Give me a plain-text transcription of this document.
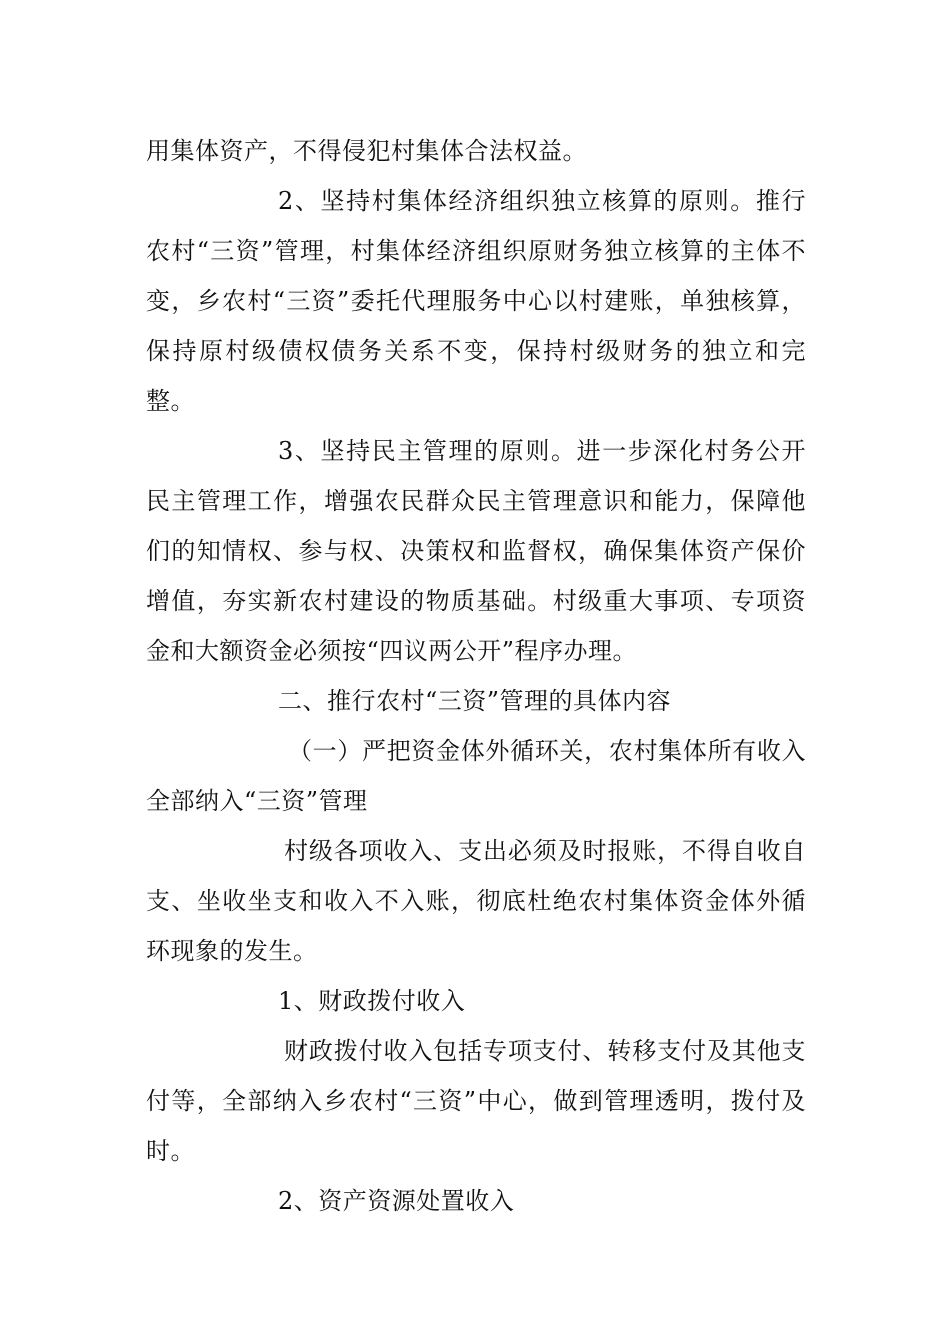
用集体资产，不得侵犯村集体合法权益。

2、坚持村集体经济组织独立核算的原则。推行农村“三资”管理，村集体经济组织原财务独立核算的主体不变，乡农村“三资”委托代理服务中心以村建账，单独核算，保持原村级债权债务关系不变，保持村级财务的独立和完整。

3、坚持民主管理的原则。进一步深化村务公开民主管理工作，增强农民群众民主管理意识和能力，保障他们的知情权、参与权、决策权和监督权，确保集体资产保价增值，夯实新农村建设的物质基础。村级重大事项、专项资金和大额资金必须按“四议两公开”程序办理。

二、推行农村“三资”管理的具体内容

（一）严把资金体外循环关，农村集体所有收入全部纳入“三资”管理

村级各项收入、支出必须及时报账，不得自收自支、坐收坐支和收入不入账，彻底杜绝农村集体资金体外循环现象的发生。

1、财政拨付收入

财政拨付收入包括专项支付、转移支付及其他支付等，全部纳入乡农村“三资”中心，做到管理透明，拨付及时。

2、资产资源处置收入
